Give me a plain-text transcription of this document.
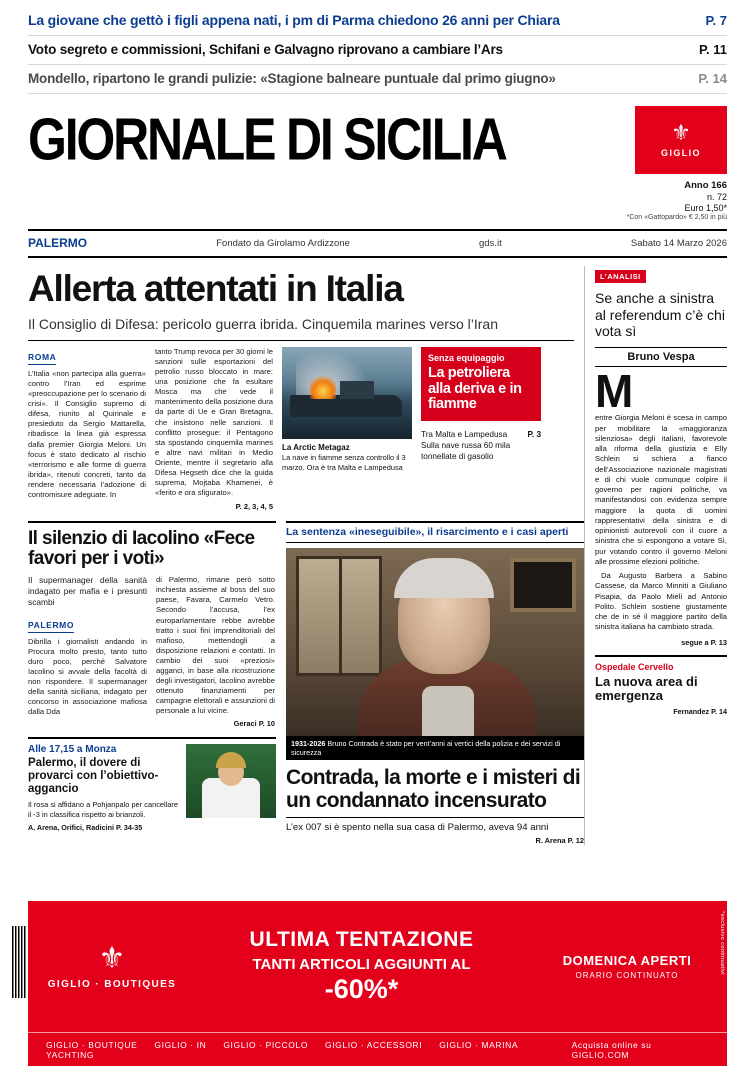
La giovane che gettò i figli appena nati, i pm di Parma chiedono 26 anni per Chiara	P. 7
Voto segreto e commissioni, Schifani e Galvagno riprovano a cambiare l’Ars	P. 11
Mondello, ripartono le grandi pulizie: «Stagione balneare puntuale dal primo giugno»	P. 14
GIORNALE DI SICILIA	⚜
GIGLIO
Anno 166
n. 72
Euro 1,50*
*Con «Gattopardo» € 2,50 in più
PALERMO	Fondato da Girolamo Ardizzone	gds.it	Sabato 14 Marzo 2026
Allerta attentati in Italia
Il Consiglio di Difesa: pericolo guerra ibrida. Cinquemila marines verso l’Iran
ROMA
L’Italia «non partecipa alla guerra» contro l’Iran ed esprime «preoccupazione per lo scenario di crisi». Il Consiglio supremo di difesa, riunito al Quirinale e presieduto da Sergio Mattarella, ribadisce la linea già espressa dalla premier Giorgia Meloni. Un focus è stato dedicato al rischio «terrorismo e alle forme di guerra ibrida», ritenuti concreti, tanto da rendere necessaria l’adozione di contromisure adeguate. In
tanto Trump revoca per 30 giorni le sanzioni sulle esportazioni del petrolio russo bloccato in mare: una posizione che fa esultare Mosca ma che vede il mantenimento della posizione dura da parte di Ue e Gran Bretagna, che insistono nelle sanzioni. Il conflitto prosegue: il Pentagono sta spostando cinquemila marines e altre navi militari in Medio Oriente, mentre il segretario alla Difesa Hegseth dice che la guida suprema, Mojtaba Khamenei, è «ferito e ora sfigurato».
P. 2, 3, 4, 5
La Arctic Metagaz
La nave in fiamme senza controllo il 3 marzo. Ora è tra Malta e Lampedusa
Senza equipaggio
La petroliera alla deriva e in fiamme
P. 3
Tra Malta e Lampedusa Sulla nave russa 60 mila tonnellate di gasolio
Il silenzio di Iacolino «Fece favori per i voti»
Il supermanager della sanità indagato per mafia e i presunti scambi
PALERMO
Dibrilla i giornalisti andando in Procura molto presto, tanto tutto duro poco, perché Salvatore Iacolino si avvale della facoltà di non rispondere. Il supermanager della sanità siciliana, indagato per concorso in associazione mafiosa dalla Dda
di Palermo, rimane però sotto inchiesta assieme al boss del suo paese, Favara, Carmelo Vetro. Secondo l’accusa, l’ex europarlamentare rebbe avrebbe tratto i suoi fini imprenditoriali del mafioso, mettendogli a disposizione relazioni e contatti. In cambio dei suoi «preziosi» agganci, in base alla ricostruzione degli investigatori, Iacolino avrebbe ottenuto finanziamenti per campagne elettorali e assunzioni di personale a lui vicine.
Geraci P. 10
Alle 17,15 a Monza
Palermo, il dovere di provarci con l’obiettivo-aggancio
Il rosa si affidano a Pohjanpalo per cancellare il -3 in classifica rispetto ai brianzoli.
A. Arena, Orifici, Radicini P. 34-35
La sentenza «ineseguibile», il risarcimento e i casi aperti
1931-2026 Bruno Contrada è stato per vent’anni ai vertici della polizia e dei servizi di sicurezza
Contrada, la morte e i misteri di un condannato incensurato
L’ex 007 si è spento nella sua casa di Palermo, aveva 94 anni
R. Arena P. 12
L’ANALISI
Se anche a sinistra al referendum c’è chi vota sì
Bruno Vespa
M
entre Giorgia Meloni è scesa in campo per mobilitare la «maggioranza silenziosa» degli italiani, favorevole alla riforma della giustizia e Elly Schlein si schiera a fianco dell’Associazione nazionale magistrati e di chi vuole comunque colpire il governo per ragioni politiche, va manifestandosi con evidenza sempre maggiore la quota di uomini rappresentativi della sinistra e di opinionisti autorevoli con il cuore a sinistra che si espongono a votare Sì, pur votando contro il governo Meloni alle prossime elezioni politiche.
Da Augusto Barbera a Sabino Cassese, da Marco Minniti a Giuliano Pisapia, da Paolo Mieli ad Antonio Polito. Schlein sostiene giustamente che de in sé il maggiore partito della sinistra italiana ha cambiato strada.
segue a P. 13
Ospedale Cervello
La nuova area di emergenza
Fernandez P. 14
⚜
GIGLIO · BOUTIQUES
ULTIMA TENTAZIONE
TANTI ARTICOLI AGGIUNTI AL
-60%*
DOMENICA APERTI
ORARIO CONTINUATO
GIGLIO · BOUTIQUE GIGLIO · IN GIGLIO · PICCOLO GIGLIO · ACCESSORI GIGLIO · MARINA YACHTING
Acquista online su GIGLIO.COM
*esclusivo continuativi
